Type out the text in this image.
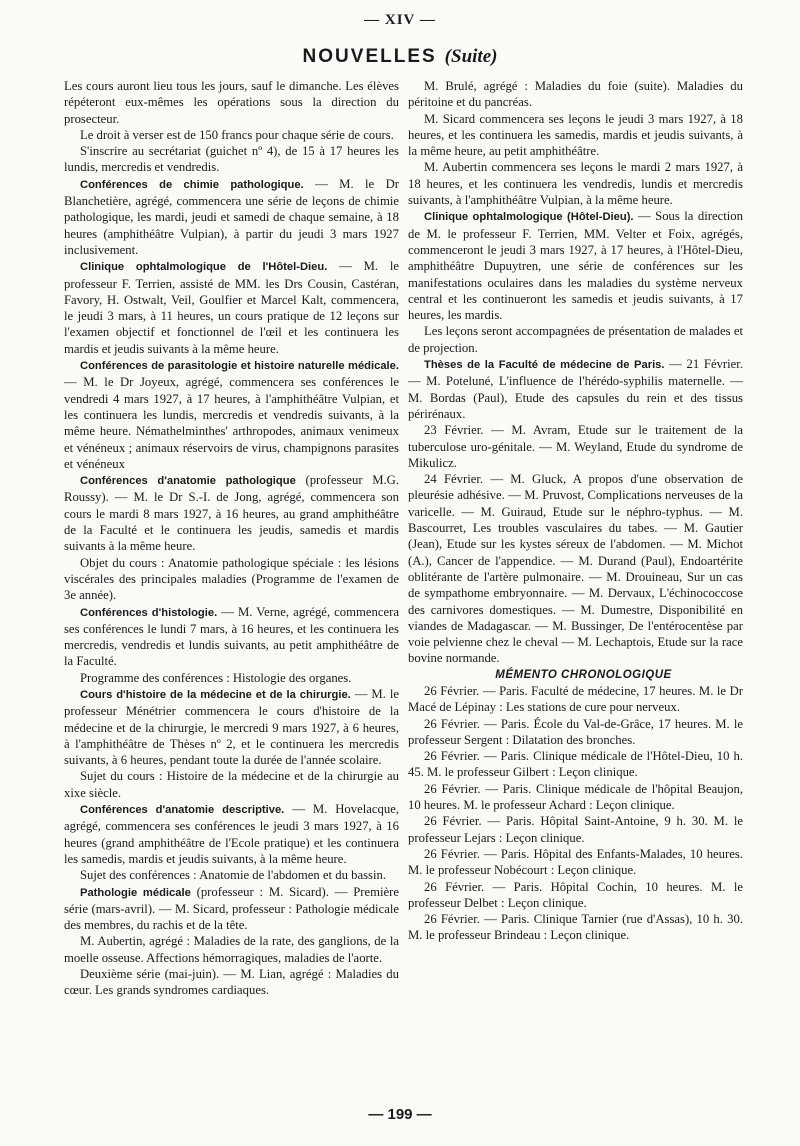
— XIV —
NOUVELLES (Suite)

Les cours auront lieu tous les jours, sauf le dimanche. Les élèves répéteront eux-mêmes les opérations sous la direction du prosecteur.

Le droit à verser est de 150 francs pour chaque série de cours.

S'inscrire au secrétariat (guichet nº 4), de 15 à 17 heures les lundis, mercredis et vendredis.

Conférences de chimie pathologique. — M. le Dr Blanchetière, agrégé, commencera une série de leçons de chimie pathologique, les mardi, jeudi et samedi de chaque semaine, à 18 heures (amphithéâtre Vulpian), à partir du jeudi 3 mars 1927 inclusivement.

Clinique ophtalmologique de l'Hôtel-Dieu. — M. le professeur F. Terrien, assisté de MM. les Drs Cousin, Castéran, Favory, H. Ostwalt, Veil, Goulfier et Marcel Kalt, commencera, le jeudi 3 mars, à 11 heures, un cours pratique de 12 leçons sur l'examen objectif et fonctionnel de l'œil et les continuera les mardis et jeudis suivants à la même heure.

Conférences de parasitologie et histoire naturelle médicale. — M. le Dr Joyeux, agrégé, commencera ses conférences le vendredi 4 mars 1927, à 17 heures, à l'amphithéâtre Vulpian, et les continuera les lundis, mercredis et vendredis suivants, à la même heure. Némathelminthes' arthropodes, animaux venimeux et vénéneux ; animaux réservoirs de virus, champignons parasites et vénéneux

Conférences d'anatomie pathologique (professeur M.G. Roussy). — M. le Dr S.-I. de Jong, agrégé, commencera son cours le mardi 8 mars 1927, à 16 heures, au grand amphithéâtre de la Faculté et le continuera les jeudis, samedis et mardis suivants à la même heure.

Objet du cours : Anatomie pathologique spéciale : les lésions viscérales des principales maladies (Programme de l'examen de 3e année).

Conférences d'histologie. — M. Verne, agrégé, commencera ses conférences le lundi 7 mars, à 16 heures, et les continuera les mercredis, vendredis et lundis suivants, au petit amphithéâtre de la Faculté.

Programme des conférences : Histologie des organes.

Cours d'histoire de la médecine et de la chirurgie. — M. le professeur Ménétrier commencera le cours d'histoire de la médecine et de la chirurgie, le mercredi 9 mars 1927, à 6 heures, à l'amphithéâtre de Thèses nº 2, et le continuera les mercredis suivants, à 6 heures, pendant toute la durée de l'année scolaire.

Sujet du cours : Histoire de la médecine et de la chirurgie au xixe siècle.

Conférences d'anatomie descriptive. — M. Hovelacque, agrégé, commencera ses conférences le jeudi 3 mars 1927, à 16 heures (grand amphithéâtre de l'Ecole pratique) et les continuera les samedis, mardis et jeudis suivants, à la même heure.

Sujet des conférences : Anatomie de l'abdomen et du bassin.

Pathologie médicale (professeur : M. Sicard). — Première série (mars-avril). — M. Sicard, professeur : Pathologie médicale des membres, du rachis et de la tête.

M. Aubertin, agrégé : Maladies de la rate, des ganglions, de la moelle osseuse. Affections hémorragiques, maladies de l'aorte.

Deuxième série (mai-juin). — M. Lian, agrégé : Maladies du cœur. Les grands syndromes cardiaques.

M. Brulé, agrégé : Maladies du foie (suite). Maladies du péritoine et du pancréas.

M. Sicard commencera ses leçons le jeudi 3 mars 1927, à 18 heures, et les continuera les samedis, mardis et jeudis suivants, à la même heure, au petit amphithéâtre.

M. Aubertin commencera ses leçons le mardi 2 mars 1927, à 18 heures, et les continuera les vendredis, lundis et mercredis suivants, à l'amphithéâtre Vulpian, à la même heure.

Clinique ophtalmologique (Hôtel-Dieu). — Sous la direction de M. le professeur F. Terrien, MM. Velter et Foix, agrégés, commenceront le jeudi 3 mars 1927, à 17 heures, à l'Hôtel-Dieu, amphithéâtre Dupuytren, une série de conférences sur les manifestations oculaires dans les maladies du système nerveux central et les continueront les samedis et jeudis suivants, à 17 heures, les mardis.

Les leçons seront accompagnées de présentation de malades et de projection.

Thèses de la Faculté de médecine de Paris. — 21 Février. — M. Poteluné, L'influence de l'hérédo-syphilis maternelle. — M. Bordas (Paul), Etude des capsules du rein et des tissus périrénaux.

23 Février. — M. Avram, Etude sur le traitement de la tuberculose uro-génitale. — M. Weyland, Etude du syndrome de Mikulicz.

24 Février. — M. Gluck, A propos d'une observation de pleurésie adhésive. — M. Pruvost, Complications nerveuses de la varicelle. — M. Guiraud, Etude sur le néphro-typhus. — M. Bascourret, Les troubles vasculaires du tabes. — M. Gautier (Jean), Etude sur les kystes séreux de l'abdomen. — M. Michot (A.), Cancer de l'appendice. — M. Durand (Paul), Endoartérite oblitérante de l'artère pulmonaire. — M. Drouineau, Sur un cas de sympathome embryonnaire. — M. Dervaux, L'échinococcose des carnivores domestiques. — M. Dumestre, Disponibilité en viandes de Madagascar. — M. Bussinger, De l'entérocentèse par voie pelvienne chez le cheval — M. Lechaptois, Etude sur la race bovine normande.

MÉMENTO CHRONOLOGIQUE

26 Février. — Paris. Faculté de médecine, 17 heures. M. le Dr Macé de Lépinay : Les stations de cure pour nerveux.

26 Février. — Paris. École du Val-de-Grâce, 17 heures. M. le professeur Sergent : Dilatation des bronches.

26 Février. — Paris. Clinique médicale de l'Hôtel-Dieu, 10 h. 45. M. le professeur Gilbert : Leçon clinique.

26 Février. — Paris. Clinique médicale de l'hôpital Beaujon, 10 heures. M. le professeur Achard : Leçon clinique.

26 Février. — Paris. Hôpital Saint-Antoine, 9 h. 30. M. le professeur Lejars : Leçon clinique.

26 Février. — Paris. Hôpital des Enfants-Malades, 10 heures. M. le professeur Nobécourt : Leçon clinique.

26 Février. — Paris. Hôpital Cochin, 10 heures. M. le professeur Delbet : Leçon clinique.

26 Février. — Paris. Clinique Tarnier (rue d'Assas), 10 h. 30. M. le professeur Brindeau : Leçon clinique.

— 199 —
